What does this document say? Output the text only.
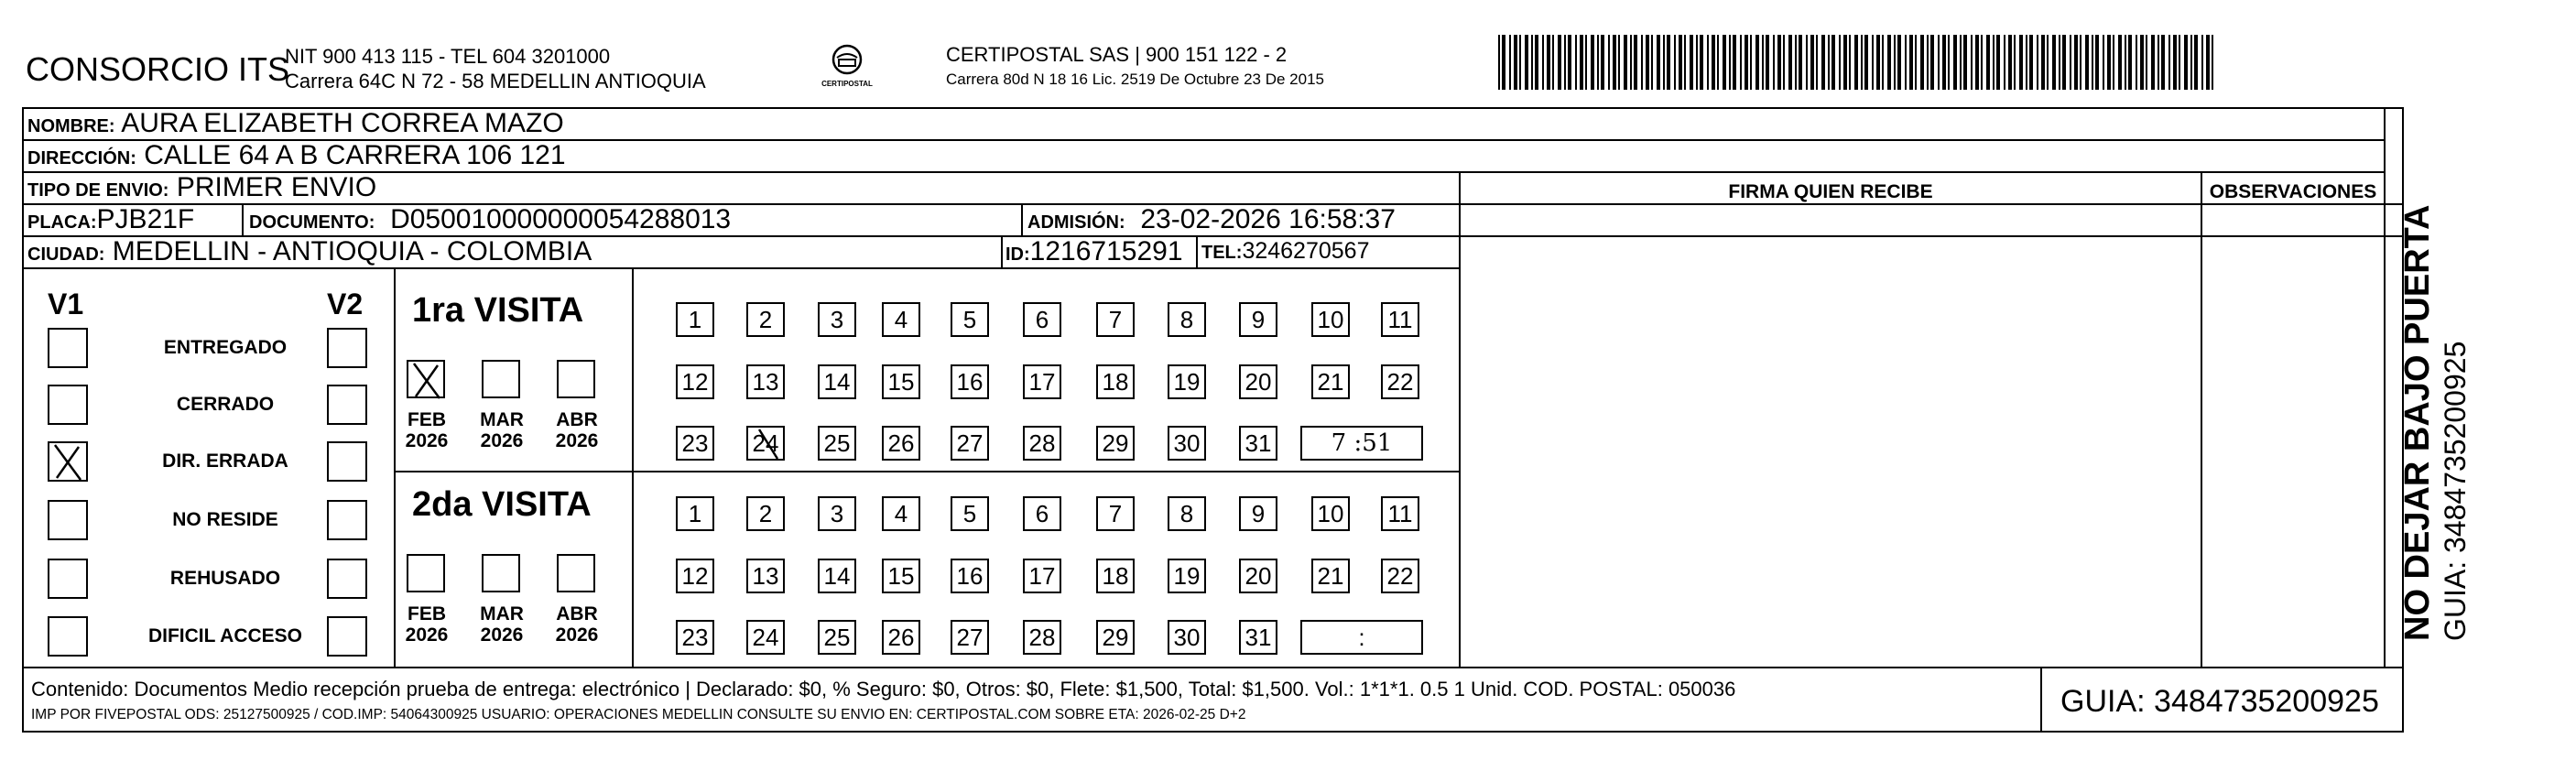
CONSORCIO ITS
NIT 900 413 115 - TEL 604 3201000
Carrera 64C N 72 - 58 MEDELLIN ANTIOQUIA	CERTIPOSTAL
CERTIPOSTAL SAS | 900 151 122 - 2
Carrera 80d N 18 16 Lic. 2519 De Octubre 23 De 2015
NOMBRE: AURA ELIZABETH CORREA MAZO
DIRECCIÓN: CALLE 64 A B CARRERA 106 121
TIPO DE ENVIO: PRIMER ENVIO	FIRMA QUIEN RECIBE	OBSERVACIONES
PLACA:PJB21F	DOCUMENTO: D050010000000054288013	ADMISIÓN: 23-02-2026 16:58:37
CIUDAD: MEDELLIN - ANTIOQUIA - COLOMBIA	ID:1216715291 TEL:3246270567
V1	V2
ENTREGADO
CERRADO
DIR. ERRADA
NO RESIDE
REHUSADO
DIFICIL ACCESO
1ra VISITA
2da VISITA
FEB
2026
MAR
2026
ABR
2026
1	2	3	4	5	6	7	8	9	10 11
12 13 14 15 16 17 18 19 20 21 22
23 24 25 26 27 28 29 30 31	7 :51
FEB
2026
MAR
2026
ABR
2026
1	2	3	4	5	6	7	8	9	10 11
12 13 14 15 16 17 18 19 20 21 22
23 24 25 26 27 28 29 30 31	:
Contenido: Documentos Medio recepción prueba de entrega: electrónico | Declarado: $0, % Seguro: $0, Otros: $0, Flete: $1,500, Total: $1,500. Vol.: 1*1*1. 0.5 1 Unid. COD. POSTAL: 050036
IMP POR FIVEPOSTAL ODS: 25127500925 / COD.IMP: 54064300925 USUARIO: OPERACIONES MEDELLIN CONSULTE SU ENVIO EN: CERTIPOSTAL.COM SOBRE ETA: 2026-02-25 D+2	GUIA: 3484735200925
NO DEJAR BAJO PUERTA GUIA: 3484735200925
